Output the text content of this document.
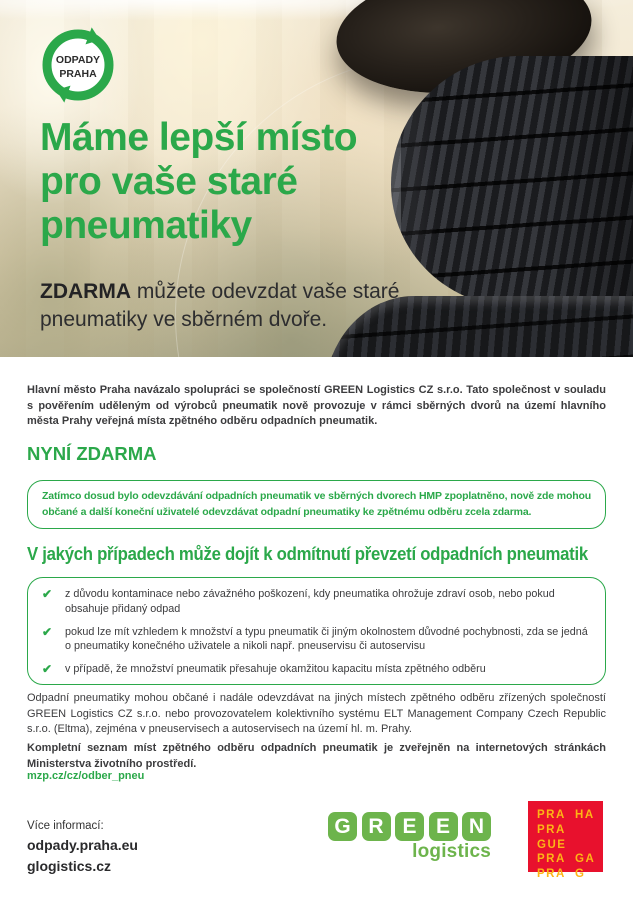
ODPADY
PRAHA
Máme lepší místo
pro vaše staré
pneumatiky
ZDARMA můžete odevzdat vaše staré pneumatiky ve sběrném dvoře.
Hlavní město Praha navázalo spolupráci se společností GREEN Logistics CZ s.r.o. Tato společnost v souladu s pověřením uděleným od výrobců pneumatik nově provozuje v rámci sběrných dvorů na území hlavního města Prahy veřejná místa zpětného odběru odpadních pneumatik.
NYNÍ ZDARMA
Zatímco dosud bylo odevzdávání odpadních pneumatik ve sběrných dvorech HMP zpoplatněno, nově zde mohou občané a další koneční uživatelé odevzdávat odpadní pneumatiky ke zpětnému odběru zcela zdarma.
V jakých případech může dojít k odmítnutí převzetí odpadních pneumatik
✔	z důvodu kontaminace nebo závažného poškození, kdy pneumatika ohrožuje zdraví osob, nebo pokud obsahuje přidaný odpad
✔	pokud lze mít vzhledem k množství a typu pneumatik či jiným okolnostem důvodné pochybnosti, zda se jedná o pneumatiky konečného uživatele a nikoli např. pneuservisu či autoservisu
✔	v případě, že množství pneumatik přesahuje okamžitou kapacitu místa zpětného odběru
Odpadní pneumatiky mohou občané i nadále odevzdávat na jiných místech zpětného odběru zřízených společností GREEN Logistics CZ s.r.o. nebo provozovatelem kolektivního systému ELT Management Company Czech Republic s.r.o. (Eltma), zejména v pneuservisech a autoservisech na území hl. m. Prahy.
Kompletní seznam míst zpětného odběru odpadních pneumatik je zveřejněn na internetových stránkách Ministerstva životního prostředí.
mzp.cz/cz/odber_pneu
Více informací:
odpady.praha.eu
glogistics.cz
G R E E N
logistics
PRA HA
PRA GUE
PRA GA
PRA G
